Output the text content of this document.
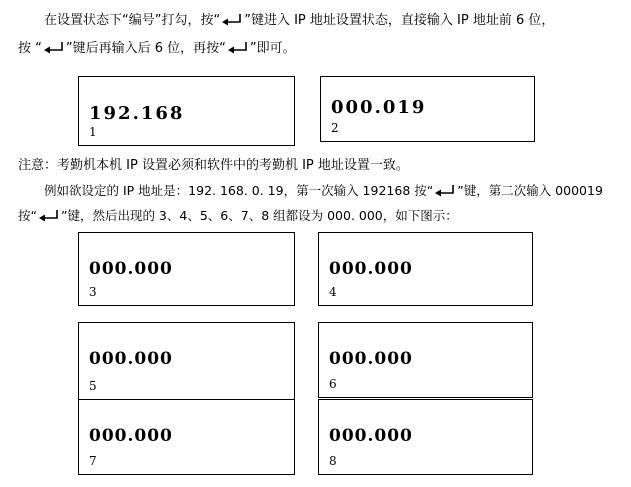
在设置状态下“编号”打勾，按“ ”键进入 IP 地址设置状态，直接输入 IP 地址前 6 位，
按 “ ”键后再输入后 6 位，再按“ ”即可。
192.168
1
000.019
2
注意：考勤机本机 IP 设置必须和软件中的考勤机 IP 地址设置一致。
例如欲设定的 IP 地址是：192. 168. 0. 19，第一次输入 192168 按“ ”键，第二次输入 000019
按“ ”键，然后出现的 3、4、5、6、7、8 组都设为 000. 000，如下图示：
000.000
3
000.000
4
000.000
5
000.000
6
000.000
7
000.000
8
